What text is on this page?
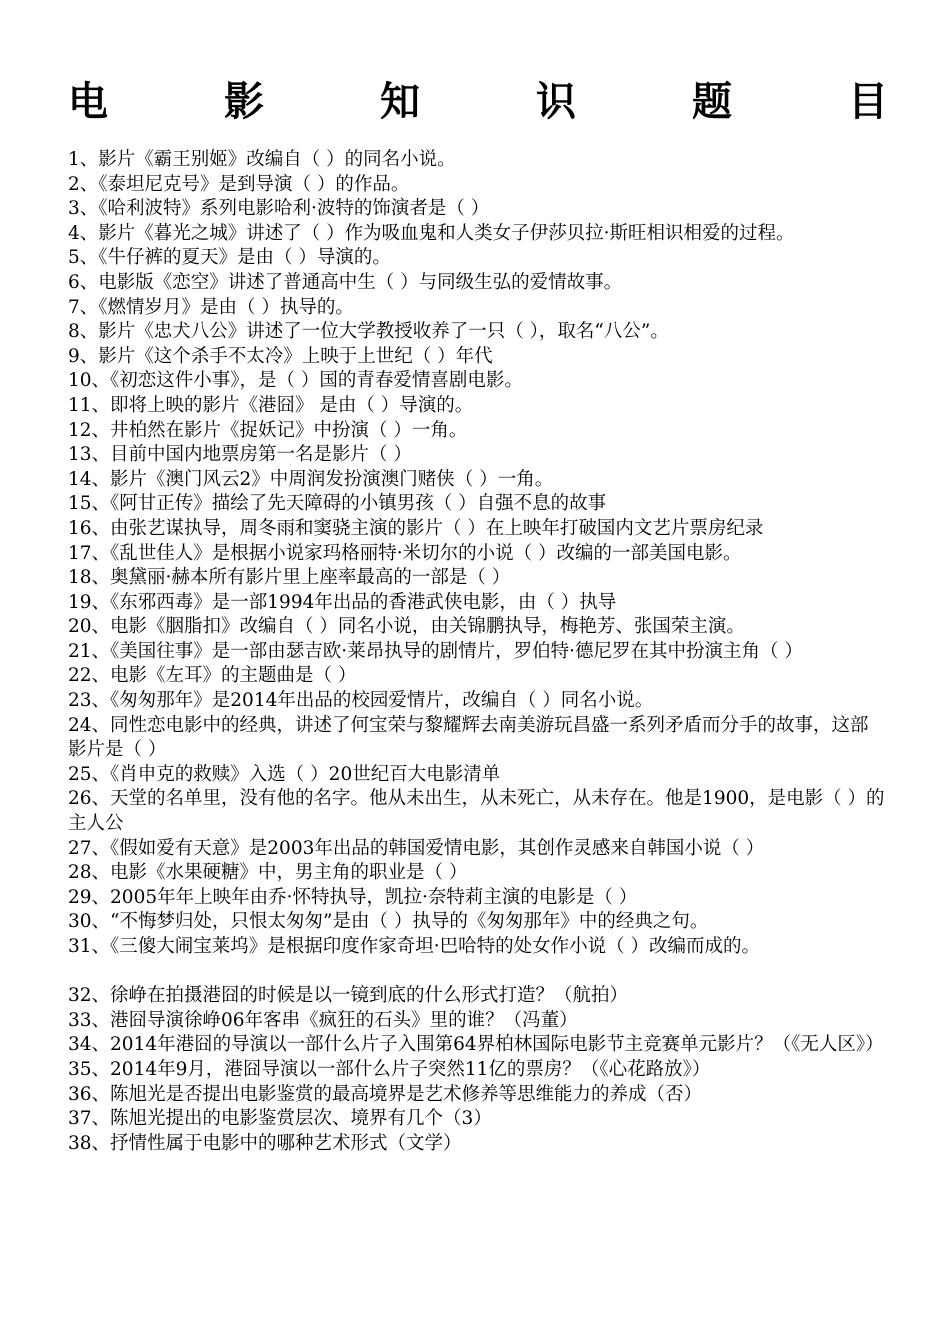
电	影	知	识	题	目

1、影片《霸王别姬》改编自（ ）的同名小说。

2、《泰坦尼克号》是到导演（ ）的作品。

3、《哈利波特》系列电影哈利·波特的饰演者是（ ）

4、影片《暮光之城》讲述了（ ）作为吸血鬼和人类女子伊莎贝拉·斯旺相识相爱的过程。

5、《牛仔裤的夏天》是由（ ）导演的。

6、电影版《恋空》讲述了普通高中生（ ）与同级生弘的爱情故事。

7、《燃情岁月》是由（ ）执导的。

8、影片《忠犬八公》讲述了一位大学教授收养了一只（ ），取名“八公”。

9、影片《这个杀手不太冷》上映于上世纪（ ）年代

10、《初恋这件小事》，是（ ）国的青春爱情喜剧电影。

11、即将上映的影片《港囧》 是由（ ）导演的。

12、井柏然在影片《捉妖记》中扮演（ ）一角。

13、目前中国内地票房第一名是影片（ ）

14、影片《澳门风云2》中周润发扮演澳门赌侠（ ）一角。

15、《阿甘正传》描绘了先天障碍的小镇男孩（ ）自强不息的故事

16、由张艺谋执导，周冬雨和窦骁主演的影片（ ）在上映年打破国内文艺片票房纪录

17、《乱世佳人》是根据小说家玛格丽特·米切尔的小说（ ）改编的一部美国电影。

18、奥黛丽·赫本所有影片里上座率最高的一部是（ ）

19、《东邪西毒》是一部1994年出品的香港武侠电影，由（ ）执导

20、电影《胭脂扣》改编自（ ）同名小说，由关锦鹏执导，梅艳芳、张国荣主演。

21、《美国往事》是一部由瑟吉欧·莱昂执导的剧情片，罗伯特·德尼罗在其中扮演主角（ ）

22、电影《左耳》的主题曲是（ ）

23、《匆匆那年》是2014年出品的校园爱情片，改编自（ ）同名小说。

24、同性恋电影中的经典，讲述了何宝荣与黎耀辉去南美游玩昌盛一系列矛盾而分手的故事，这部影片是（ ）

25、《肖申克的救赎》入选（ ）20世纪百大电影清单

26、天堂的名单里，没有他的名字。他从未出生，从未死亡，从未存在。他是1900，是电影（ ）的主人公

27、《假如爱有天意》是2003年出品的韩国爱情电影，其创作灵感来自韩国小说（ ）

28、电影《水果硬糖》中，男主角的职业是（ ）

29、2005年年上映年由乔·怀特执导，凯拉·奈特莉主演的电影是（ ）

30、“不悔梦归处，只恨太匆匆”是由（ ）执导的《匆匆那年》中的经典之句。

31、《三傻大闹宝莱坞》是根据印度作家奇坦·巴哈特的处女作小说（ ）改编而成的。

32、徐峥在拍摄港囧的时候是以一镜到底的什么形式打造？（航拍）

33、港囧导演徐峥06年客串《疯狂的石头》里的谁？（冯董）

34、2014年港囧的导演以一部什么片子入围第64界柏林国际电影节主竞赛单元影片？（《无人区》）

35、2014年9月，港囧导演以一部什么片子突然11亿的票房？（《心花路放》）

36、陈旭光是否提出电影鉴赏的最高境界是艺术修养等思维能力的养成（否）

37、陈旭光提出的电影鉴赏层次、境界有几个（3）

38、抒情性属于电影中的哪种艺术形式（文学）
